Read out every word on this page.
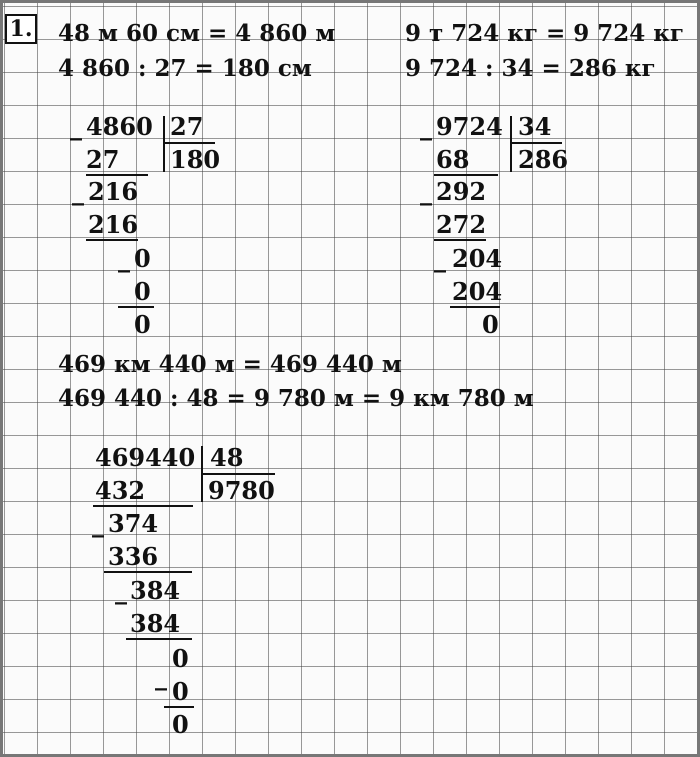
1. 48 м 60 см = 4 860 м
4 860 : 27 = 180 см
9 т 724 кг = 9 724 кг
9 724 : 34 = 286 кг
_ 4860 27
180
27
_ 216
216
_ 0
0
0
_ 9724 34
286
68
_ 292
272
_ 204
204
0
469 км 440 м = 469 440 м
469 440 : 48 = 9 780 м = 9 км 780 м
469440 48
9780
432
_ 374
336
_ 384
384
_
0
0
0
